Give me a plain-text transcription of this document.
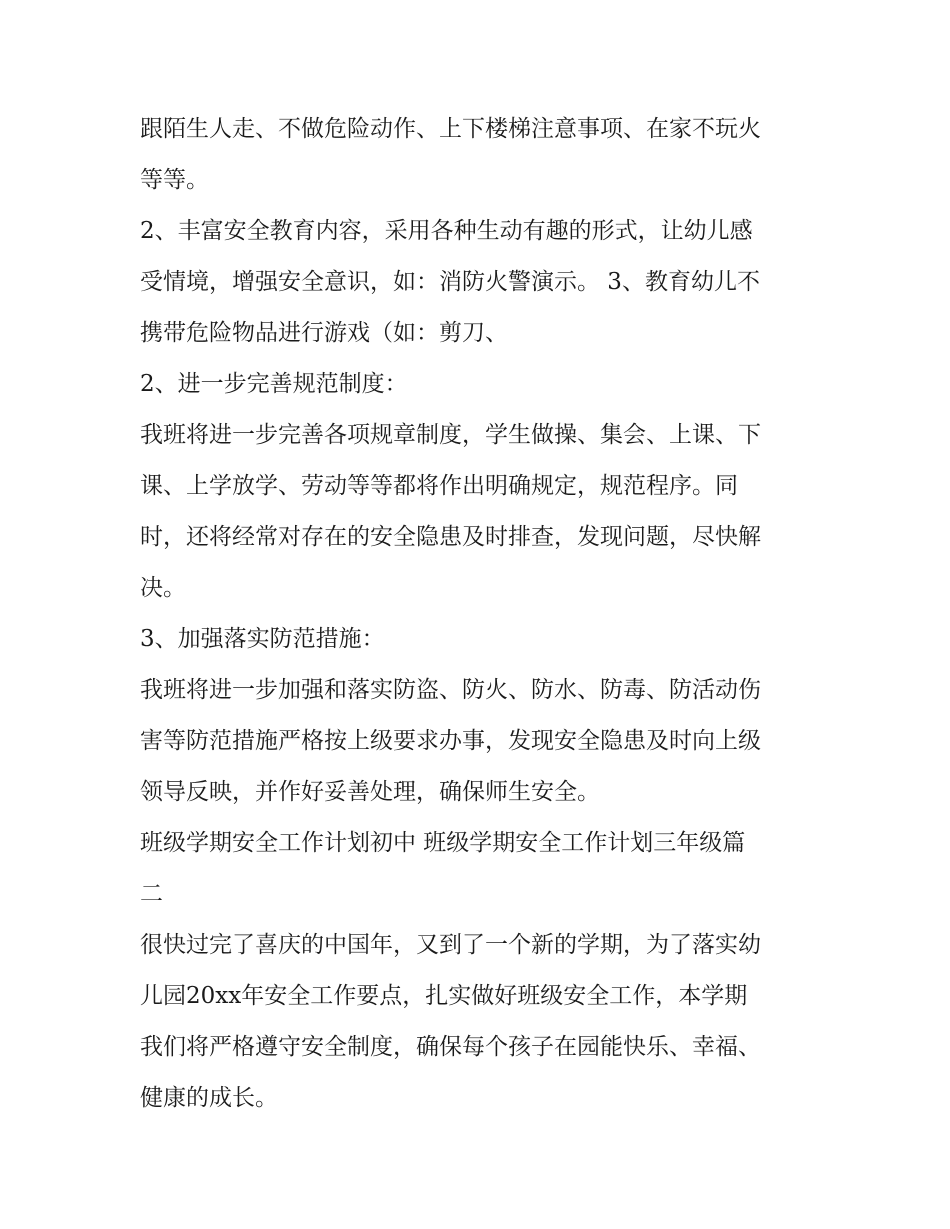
跟陌生人走、不做危险动作、上下楼梯注意事项、在家不玩火

等等。

2、丰富安全教育内容，采用各种生动有趣的形式，让幼儿感

受情境，增强安全意识，如：消防火警演示。 3、教育幼儿不

携带危险物品进行游戏（如：剪刀、

2、进一步完善规范制度：

我班将进一步完善各项规章制度，学生做操、集会、上课、下

课、上学放学、劳动等等都将作出明确规定，规范程序。同

时，还将经常对存在的安全隐患及时排查，发现问题，尽快解

决。

3、加强落实防范措施：

我班将进一步加强和落实防盗、防火、防水、防毒、防活动伤

害等防范措施严格按上级要求办事，发现安全隐患及时向上级

领导反映，并作好妥善处理，确保师生安全。

班级学期安全工作计划初中 班级学期安全工作计划三年级篇

二

很快过完了喜庆的中国年，又到了一个新的学期，为了落实幼

儿园20xx年安全工作要点，扎实做好班级安全工作，本学期

我们将严格遵守安全制度，确保每个孩子在园能快乐、幸福、

健康的成长。
